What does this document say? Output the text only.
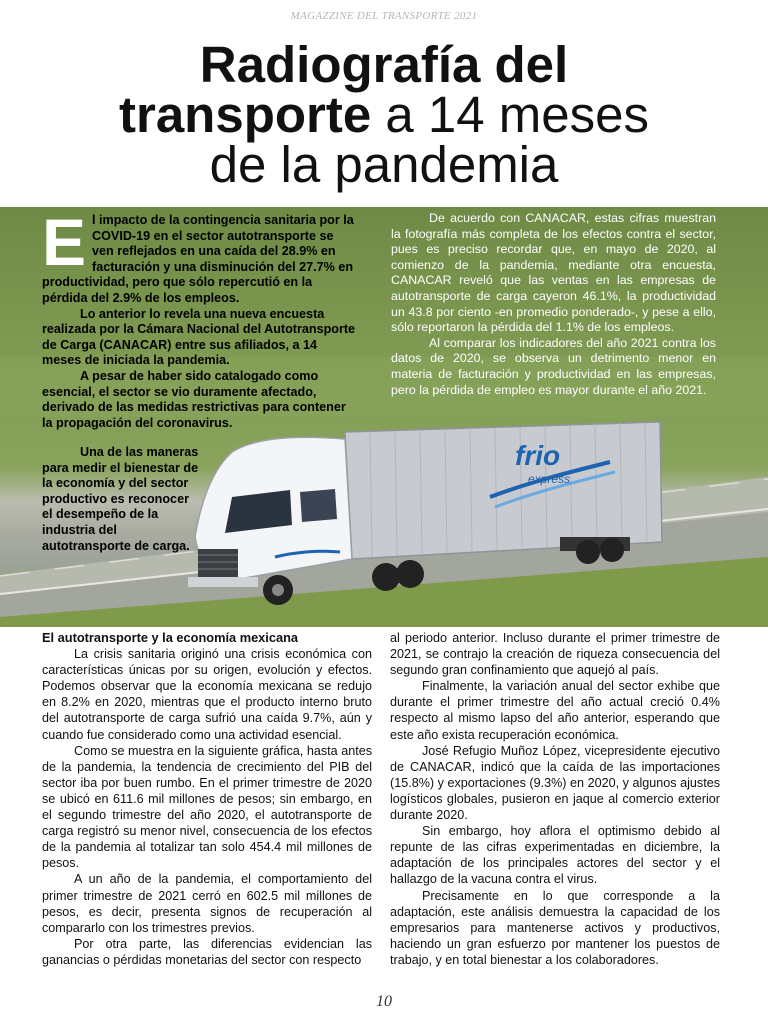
MAGAZZINE DEL TRANSPORTE 2021
Radiografía del
transporte a 14 meses
de la pandemia
frio
express
E l impacto de la contingencia sanitaria por la COVID-19 en el sector autotransporte se ven reflejados en una caída del 28.9% en facturación y una disminución del 27.7% en productividad, pero que sólo repercutió en la pérdida del 2.9% de los empleos.

Lo anterior lo revela una nueva encuesta realizada por la Cámara Nacional del Autotransporte de Carga (CANACAR) entre sus afiliados, a 14 meses de iniciada la pandemia.

A pesar de haber sido catalogado como esencial, el sector se vio duramente afectado, derivado de las medidas restrictivas para contener la propagación del coronavirus.

Una de las maneras para medir el bienestar de la economía y del sector productivo es reconocer el desempeño de la industria del autotransporte de carga.

De acuerdo con CANACAR, estas cifras muestran la fotografía más completa de los efectos contra el sector, pues es preciso recordar que, en mayo de 2020, al comienzo de la pandemia, mediante otra encuesta, CANACAR reveló que las ventas en las empresas de autotransporte de carga cayeron 46.1%, la productividad un 43.8 por ciento -en promedio ponderado-, y pese a ello, sólo reportaron la pérdida del 1.1% de los empleos.

Al comparar los indicadores del año 2021 contra los datos de 2020, se observa un detrimento menor en materia de facturación y productividad en las empresas, pero la pérdida de empleo es mayor durante el año 2021.

El autotransporte y la economía mexicana

La crisis sanitaria originó una crisis económica con características únicas por su origen, evolución y efectos. Podemos observar que la economía mexicana se redujo en 8.2% en 2020, mientras que el producto interno bruto del autotransporte de carga sufrió una caída 9.7%, aún y cuando fue considerado como una actividad esencial.

Como se muestra en la siguiente gráfica, hasta antes de la pandemia, la tendencia de crecimiento del PIB del sector iba por buen rumbo. En el primer trimestre de 2020 se ubicó en 611.6 mil millones de pesos; sin embargo, en el segundo trimestre del año 2020, el autotransporte de carga registró su menor nivel, consecuencia de los efectos de la pandemia al totalizar tan solo 454.4 mil millones de pesos.

A un año de la pandemia, el comportamiento del primer trimestre de 2021 cerró en 602.5 mil millones de pesos, es decir, presenta signos de recuperación al compararlo con los trimestres previos.

Por otra parte, las diferencias evidencian las ganancias o pérdidas monetarias del sector con respecto

al periodo anterior. Incluso durante el primer trimestre de 2021, se contrajo la creación de riqueza consecuencia del segundo gran confinamiento que aquejó al país.

Finalmente, la variación anual del sector exhibe que durante el primer trimestre del año actual creció 0.4% respecto al mismo lapso del año anterior, esperando que este año exista recuperación económica.

José Refugio Muñoz López, vicepresidente ejecutivo de CANACAR, indicó que la caída de las importaciones (15.8%) y exportaciones (9.3%) en 2020, y algunos ajustes logísticos globales, pusieron en jaque al comercio exterior durante 2020.

Sin embargo, hoy aflora el optimismo debido al repunte de las cifras experimentadas en diciembre, la adaptación de los principales actores del sector y el hallazgo de la vacuna contra el virus.

Precisamente en lo que corresponde a la adaptación, este análisis demuestra la capacidad de los empresarios para mantenerse activos y productivos, haciendo un gran esfuerzo por mantener los puestos de trabajo, y en total bienestar a los colaboradores.

10
